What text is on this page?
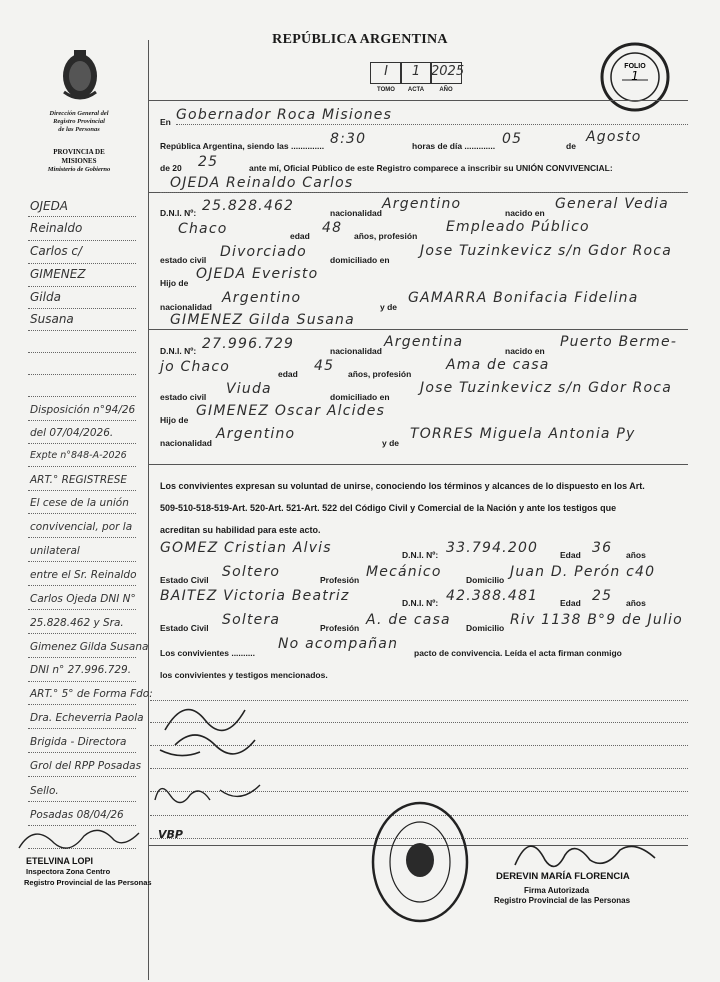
Dirección General del
Registro Provincial
de las Personas
PROVINCIA DE
MISIONES
Ministerio de Gobierno
REPÚBLICA ARGENTINA
I
TOMO
1
ACTA
2025
AÑO
FOLIO
1
En Gobernador Roca Misiones
República Argentina, siendo las .............. 8:30	horas de día ............. 05	de
Agosto
de 20 25	ante mí, Oficial Público de este Registro comparece a inscribir su UNIÓN CONVIVENCIAL:
OJEDA Reinaldo Carlos
D.N.I. Nº: 25.828.462	nacionalidad
Argentino
nacido en
General Vedia
Chaco	edad 48 años, profesión
Empleado Público
estado civil Divorciado	domiciliado en
Jose Tuzinkevicz s/n Gdor Roca
Hijo de
OJEDA Everisto
nacionalidad
Argentino
y de
GAMARRA Bonifacia Fidelina
GIMENEZ Gilda Susana
D.N.I. Nº: 27.996.729	nacionalidad
Argentina
nacido en
Puerto Berme-
jo Chaco	edad 45 años, profesión
Ama de casa
estado civil Viuda	domiciliado en
Jose Tuzinkevicz s/n Gdor Roca
Hijo de
GIMENEZ Oscar Alcides
nacionalidad
Argentino
y de
TORRES Miguela Antonia Py
Los convivientes expresan su voluntad de unirse, conociendo los términos y alcances de lo dispuesto en los Art.
509-510-518-519-Art. 520-Art. 521-Art. 522 del Código Civil y Comercial de la Nación y ante los testigos que
acreditan su habilidad para este acto.
GOMEZ Cristian Alvis	D.N.I. Nº: 33.794.200	Edad 36 años
Estado Civil Soltero	Profesión Mecánico	Domicilio Juan D. Perón c40
BAITEZ Victoria Beatriz	D.N.I. Nº: 42.388.481	Edad 25 años
Estado Civil Soltera	Profesión A. de casa Domicilio Riv 1138 B°9 de Julio
Los convivientes ..........
No acompañan
pacto de convivencia. Leída el acta firman conmigo
los convivientes y testigos mencionados.
DEREVIN MARÍA FLORENCIA
Firma Autorizada
Registro Provincial de las Personas
OJEDA
Reinaldo
Carlos c/
GIMENEZ
Gilda
Susana
Disposición n°94/26
del 07/04/2026.
Expte n°848-A-2026
ART.° REGISTRESE
El cese de la unión
convivencial, por la
unilateral
entre el Sr. Reinaldo
Carlos Ojeda DNI N°
25.828.462 y Sra.
Gimenez Gilda Susana
DNI n° 27.996.729.
ART.° 5° de Forma Fdo:
Dra. Echeverria Paola
Brigida - Directora
Grol del RPP Posadas
Sello.
Posadas 08/04/26
ETELVINA LOPI
Inspectora Zona Centro
Registro Provincial de las Personas
VBP
